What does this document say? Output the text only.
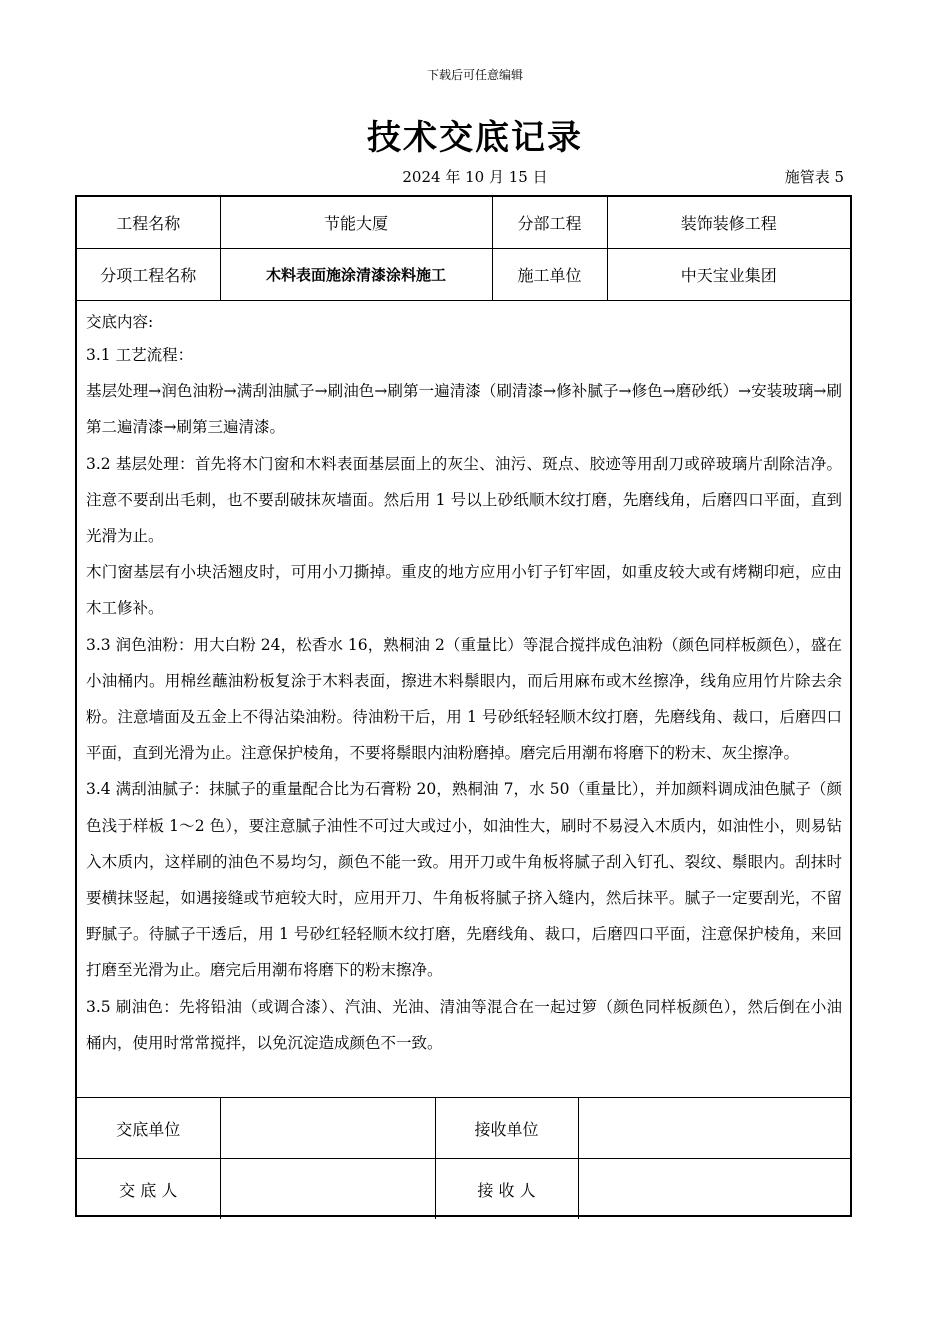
下载后可任意编辑
技术交底记录
2024 年 10 月 15 日	施管表 5
工程名称	节能大厦	分部工程	装饰装修工程
分项工程名称	木料表面施涂清漆涂料施工	施工单位	中天宝业集团

交底内容:

3.1 工艺流程：

基层处理→润色油粉→满刮油腻子→刷油色→刷第一遍清漆（刷清漆→修补腻子→修色→磨砂纸）→安装玻璃→刷第二遍清漆→刷第三遍清漆。

3.2 基层处理：首先将木门窗和木料表面基层面上的灰尘、油污、斑点、胶迹等用刮刀或碎玻璃片刮除洁净。注意不要刮出毛刺，也不要刮破抹灰墙面。然后用 1 号以上砂纸顺木纹打磨，先磨线角，后磨四口平面，直到光滑为止。

木门窗基层有小块活翘皮时，可用小刀撕掉。重皮的地方应用小钉子钉牢固，如重皮较大或有烤糊印疤，应由木工修补。

3.3 润色油粉：用大白粉 24，松香水 16，熟桐油 2（重量比）等混合搅拌成色油粉（颜色同样板颜色），盛在小油桶内。用棉丝蘸油粉板复涂于木料表面，擦进木料鬃眼内，而后用麻布或木丝擦净，线角应用竹片除去余粉。注意墙面及五金上不得沾染油粉。待油粉干后，用 1 号砂纸轻轻顺木纹打磨，先磨线角、裁口，后磨四口平面，直到光滑为止。注意保护棱角，不要将鬃眼内油粉磨掉。磨完后用潮布将磨下的粉末、灰尘擦净。

3.4 满刮油腻子：抹腻子的重量配合比为石膏粉 20，熟桐油 7，水 50（重量比），并加颜料调成油色腻子（颜色浅于样板 1～2 色），要注意腻子油性不可过大或过小，如油性大，刷时不易浸入木质内，如油性小，则易钻入木质内，这样刷的油色不易均匀，颜色不能一致。用开刀或牛角板将腻子刮入钉孔、裂纹、鬃眼内。刮抹时要横抹竖起，如遇接缝或节疤较大时，应用开刀、牛角板将腻子挤入缝内，然后抹平。腻子一定要刮光，不留野腻子。待腻子干透后，用 1 号砂红轻轻顺木纹打磨，先磨线角、裁口，后磨四口平面，注意保护棱角，来回打磨至光滑为止。磨完后用潮布将磨下的粉末擦净。

3.5 刷油色：先将铅油（或调合漆）、汽油、光油、清油等混合在一起过箩（颜色同样板颜色），然后倒在小油桶内，使用时常常搅拌，以免沉淀造成颜色不一致。

交底单位		接收单位	
交 底 人		接 收 人	
